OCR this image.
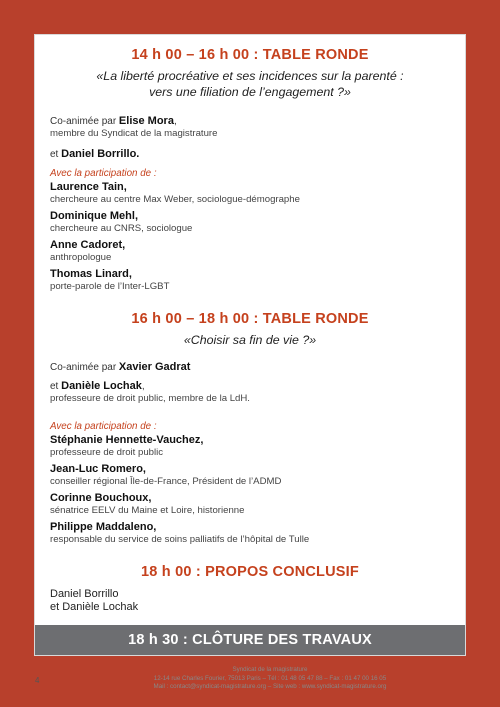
14 h 00 – 16 h 00 : TABLE RONDE
«La liberté procréative et ses incidences sur la parenté :
vers une filiation de l’engagement ?»
Co-animée par Elise Mora,
membre du Syndicat de la magistrature
et Daniel Borrillo.
Avec la participation de :
Laurence Tain,
chercheure au centre Max Weber, sociologue-démographe
Dominique Mehl,
chercheure au CNRS, sociologue
Anne Cadoret,
anthropologue
Thomas Linard,
porte-parole de l’Inter-LGBT
16 h 00 – 18 h 00 : TABLE RONDE
«Choisir sa fin de vie ?»
Co-animée par Xavier Gadrat
et Danièle Lochak,
professeure de droit public, membre de la LdH.
Avec la participation de :
Stéphanie Hennette-Vauchez,
professeure de droit public
Jean-Luc Romero,
conseiller régional Île-de-France, Président de l’ADMD
Corinne Bouchoux,
sénatrice EELV du Maine et Loire, historienne
Philippe Maddaleno,
responsable du service de soins palliatifs de l’hôpital de Tulle
18 h 00 : PROPOS CONCLUSIF
Daniel Borrillo
et Danièle Lochak
18 h 30 : CLÔTURE DES TRAVAUX
4
Syndicat de la magistrature
12-14 rue Charles Fourier, 75013 Paris – Tél : 01 48 05 47 88 – Fax : 01 47 00 16 05
Mail : contact@syndicat-magistrature.org – Site web : www.syndicat-magistrature.org
